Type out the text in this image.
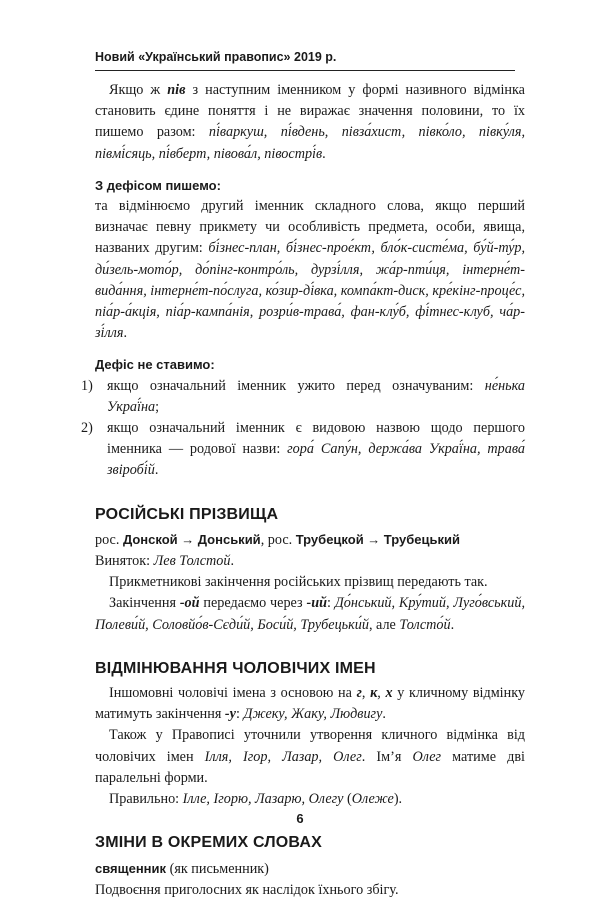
Новий «Український правопис» 2019 р.

Якщо ж пів з наступним іменником у формі називного відмінка становить єдине поняття і не виражає значення половини, то їх пишемо разом: пі́варкуш, пі́вдень, півза́хист, півко́ло, півку́ля, півмі́сяць, пі́вберт, півова́л, півострі́в.

З дефісом пишемо:

та відмінюємо другий іменник складного слова, якщо перший визначає певну прикмету чи особливість предмета, особи, явища, названих другим: бі́знес-план, бі́знес-прое́кт, бло́к-систе́ма, бу́й-ту́р, ди́зель-мото́р, до́пінг-контро́ль, дурзі́лля, жа́р-пти́ця, інтерне́т-вида́ння, інтерне́т-по́слуга, ко́зир-ді́вка, компа́кт-диск, кре́кінг-проце́с, піа́р-а́кція, піа́р-кампа́нія, розри́в-трава́, фан-клу́б, фі́тнес-клуб, ча́р-зі́лля.

Дефіс не ставимо:
1) якщо означальний іменник ужито перед означуваним: не́нька Украї́на;
2) якщо означальний іменник є видовою назвою щодо першого іменника — родової назви: гора́ Сапу́н, держа́ва Украї́на, трава́ звіробі́й.
РОСІЙСЬКІ ПРІЗВИЩА

рос. Донской → Донський, рос. Трубецкой → Трубецький

Виняток: Лев Толстой.

Прикметникові закінчення російських прізвищ передають так.

Закінчення -ой передаємо через -ий: До́нський, Кру́тий, Луго́вський, Полеви́й, Соловйо́в-Сєди́й, Боси́й, Трубецьки́й, але Толсто́й.

ВІДМІНЮВАННЯ ЧОЛОВІЧИХ ІМЕН

Іншомовні чоловічі імена з основою на г, к, х у кличному відмінку матимуть закінчення -у: Джеку, Жаку, Людвигу.

Також у Правописі уточнили утворення кличного відмінка від чоловічих імен Ілля, Ігор, Лазар, Олег. Ім’я Олег матиме дві паралельні форми.

Правильно: Ілле, Ігорю, Лазарю, Олегу (Олеже).

ЗМІНИ В ОКРЕМИХ СЛОВАХ

священник (як письменник)

Подвоєння приголосних як наслідок їхнього збігу.

6
